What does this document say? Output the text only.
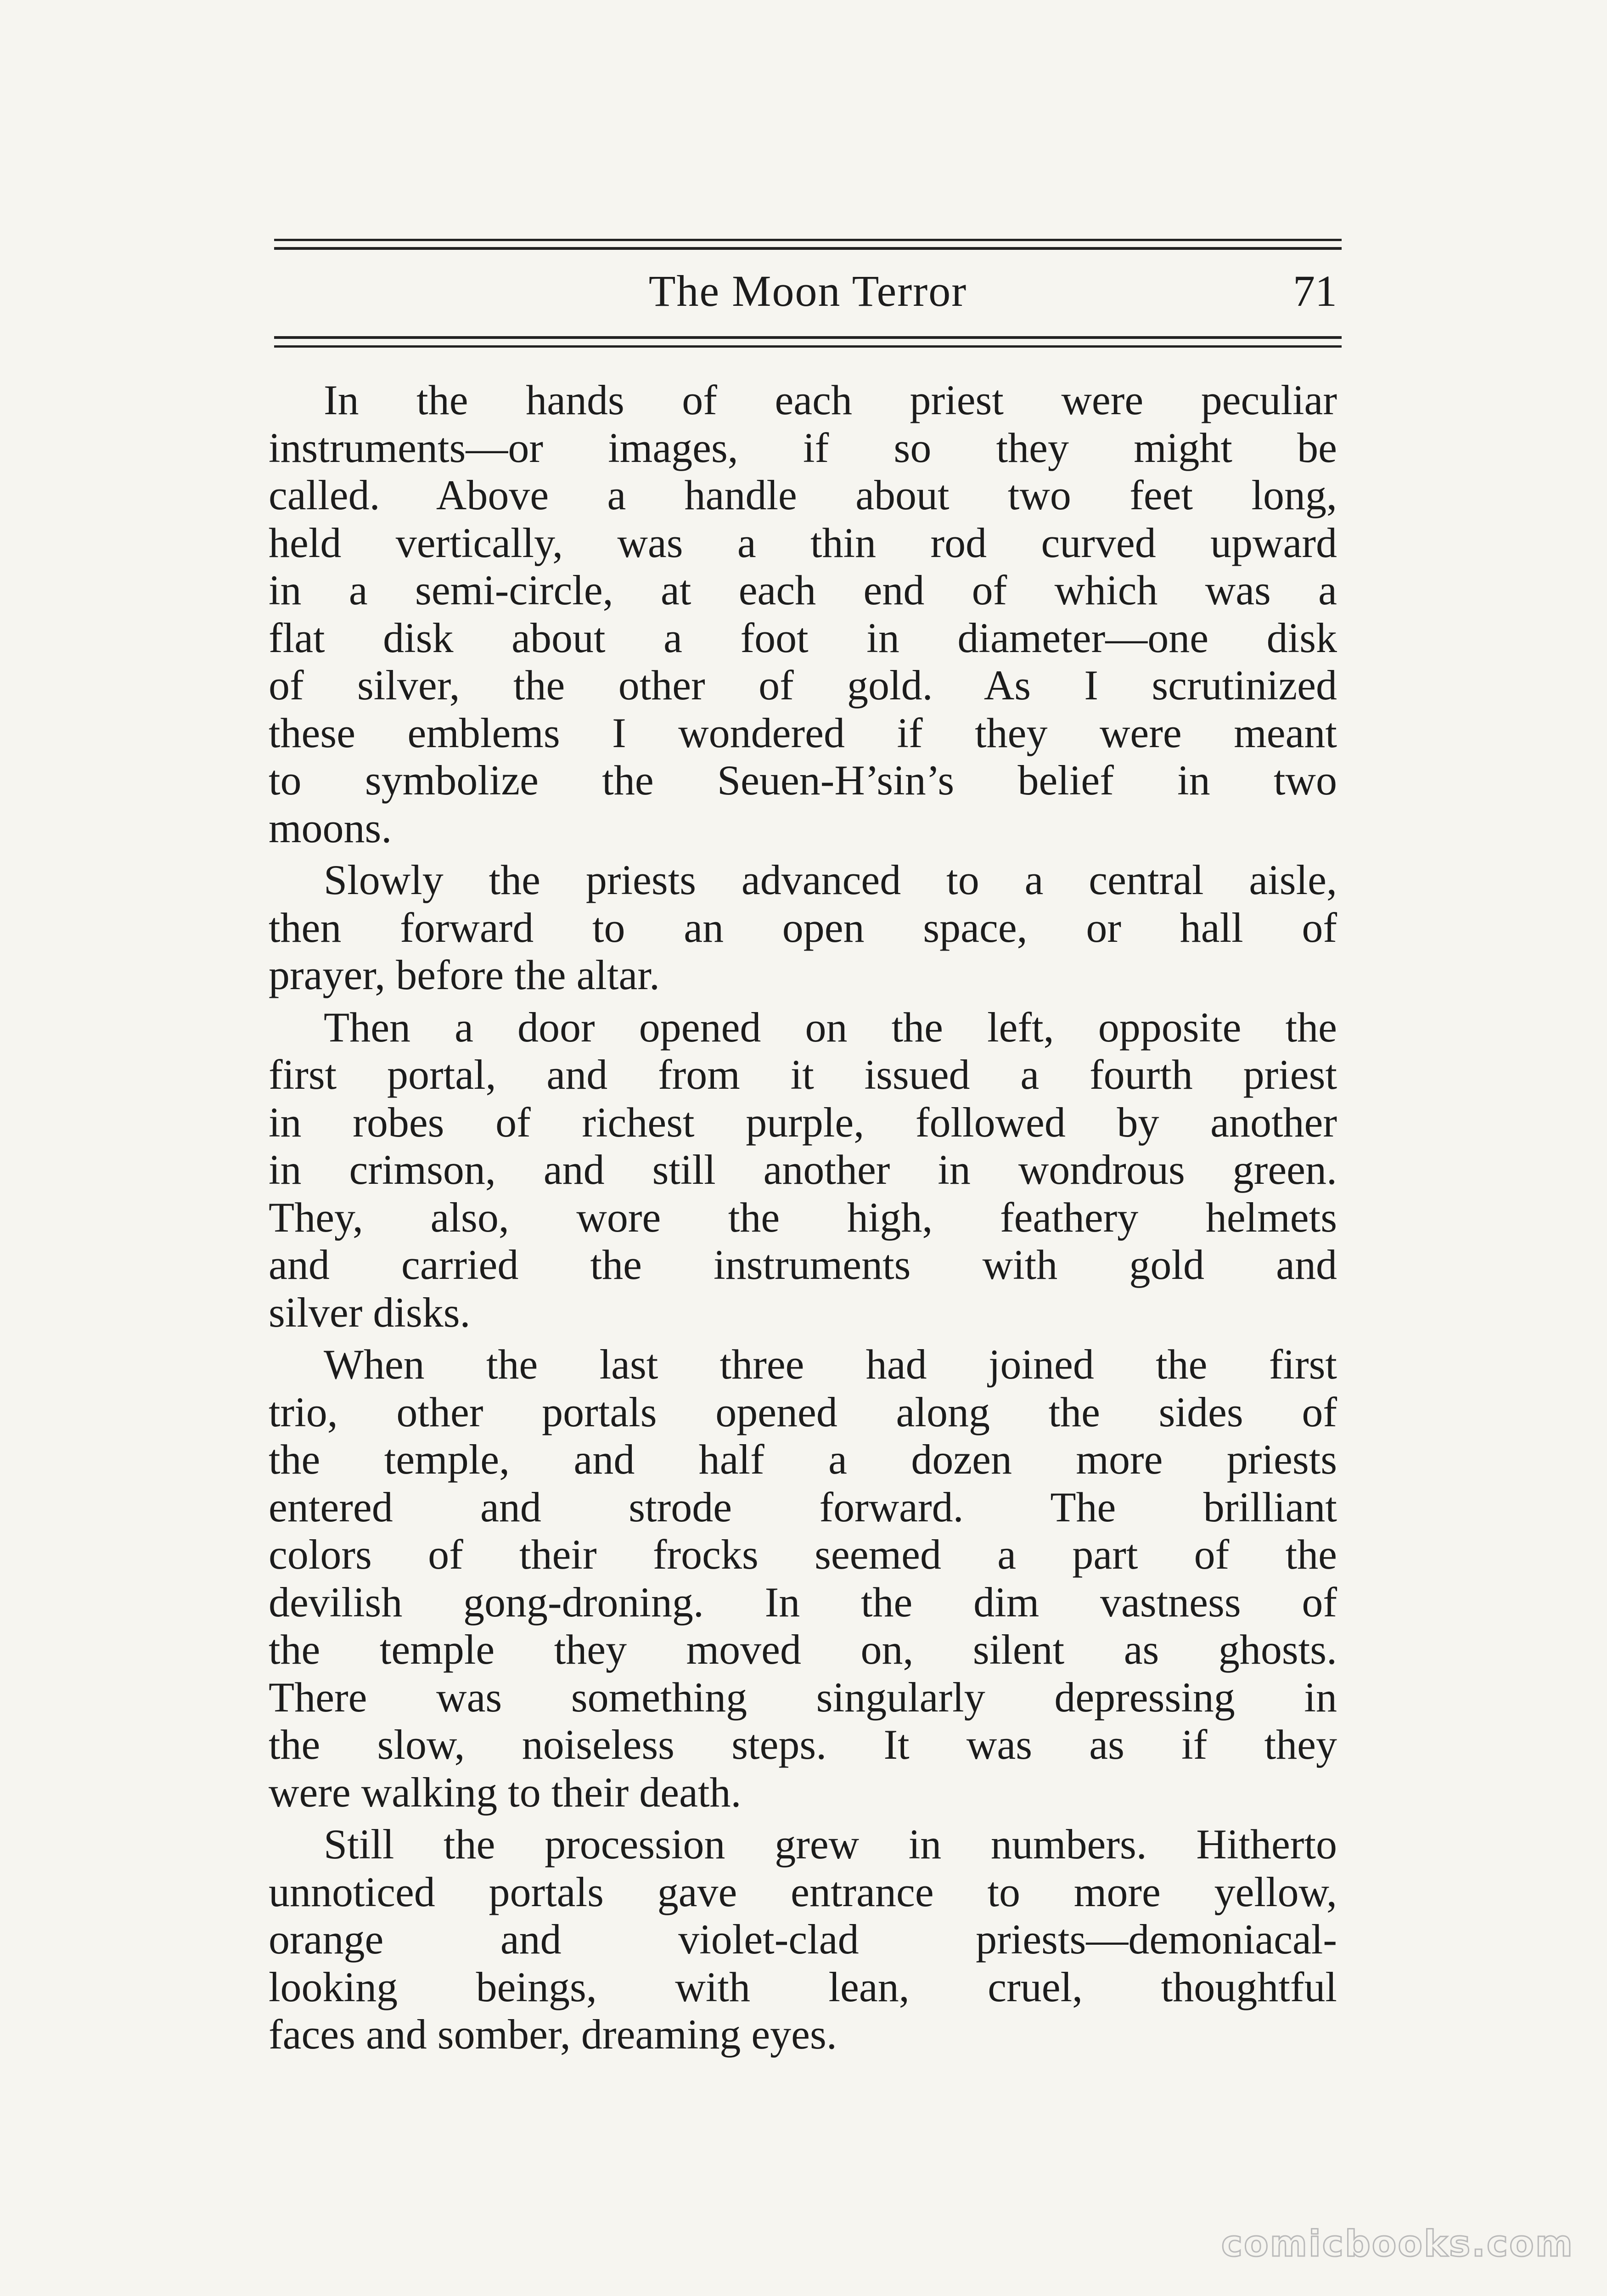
The Moon Terror	71
In the hands of each priest were peculiar
instruments—or images, if so they might be
called. Above a handle about two feet long,
held vertically, was a thin rod curved upward
in a semi-circle, at each end of which was a
flat disk about a foot in diameter—one disk
of silver, the other of gold. As I scrutinized
these emblems I wondered if they were meant
to symbolize the Seuen-H’sin’s belief in two
moons.
Slowly the priests advanced to a central aisle,
then forward to an open space, or hall of
prayer, before the altar.
Then a door opened on the left, opposite the
first portal, and from it issued a fourth priest
in robes of richest purple, followed by another
in crimson, and still another in wondrous green.
They, also, wore the high, feathery helmets
and carried the instruments with gold and
silver disks.
When the last three had joined the first
trio, other portals opened along the sides of
the temple, and half a dozen more priests
entered and strode forward. The brilliant
colors of their frocks seemed a part of the
devilish gong-droning. In the dim vastness of
the temple they moved on, silent as ghosts.
There was something singularly depressing in
the slow, noiseless steps. It was as if they
were walking to their death.
Still the procession grew in numbers. Hitherto
unnoticed portals gave entrance to more yellow,
orange and violet-clad priests—demoniacal-
looking beings, with lean, cruel, thoughtful
faces and somber, dreaming eyes.
comicbooks.com
